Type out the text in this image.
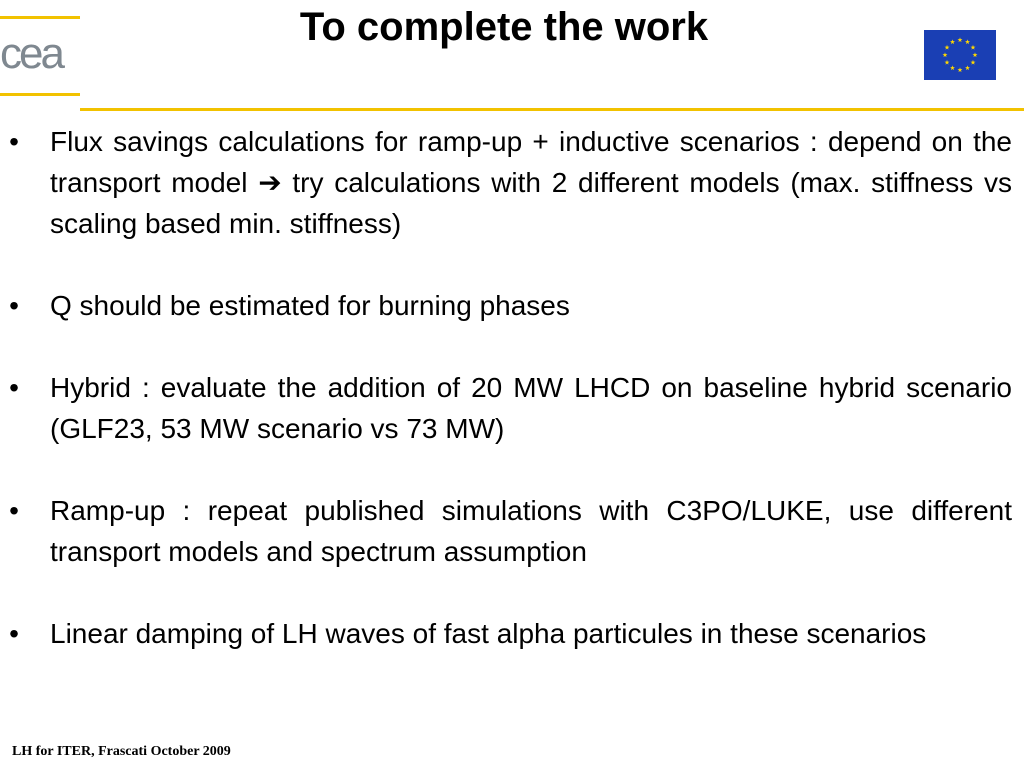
cea
To complete the work
• Flux savings calculations for ramp-up + inductive scenarios : depend on the transport model ➔ try calculations with 2 different models (max. stiffness vs scaling based min. stiffness)
• Q should be estimated for burning phases
• Hybrid : evaluate the addition of 20 MW LHCD on baseline hybrid scenario (GLF23, 53 MW scenario vs 73 MW)
• Ramp-up : repeat published simulations with C3PO/LUKE, use different transport models and spectrum assumption
• Linear damping of LH waves of fast alpha particules in these scenarios
LH for ITER, Frascati October 2009
